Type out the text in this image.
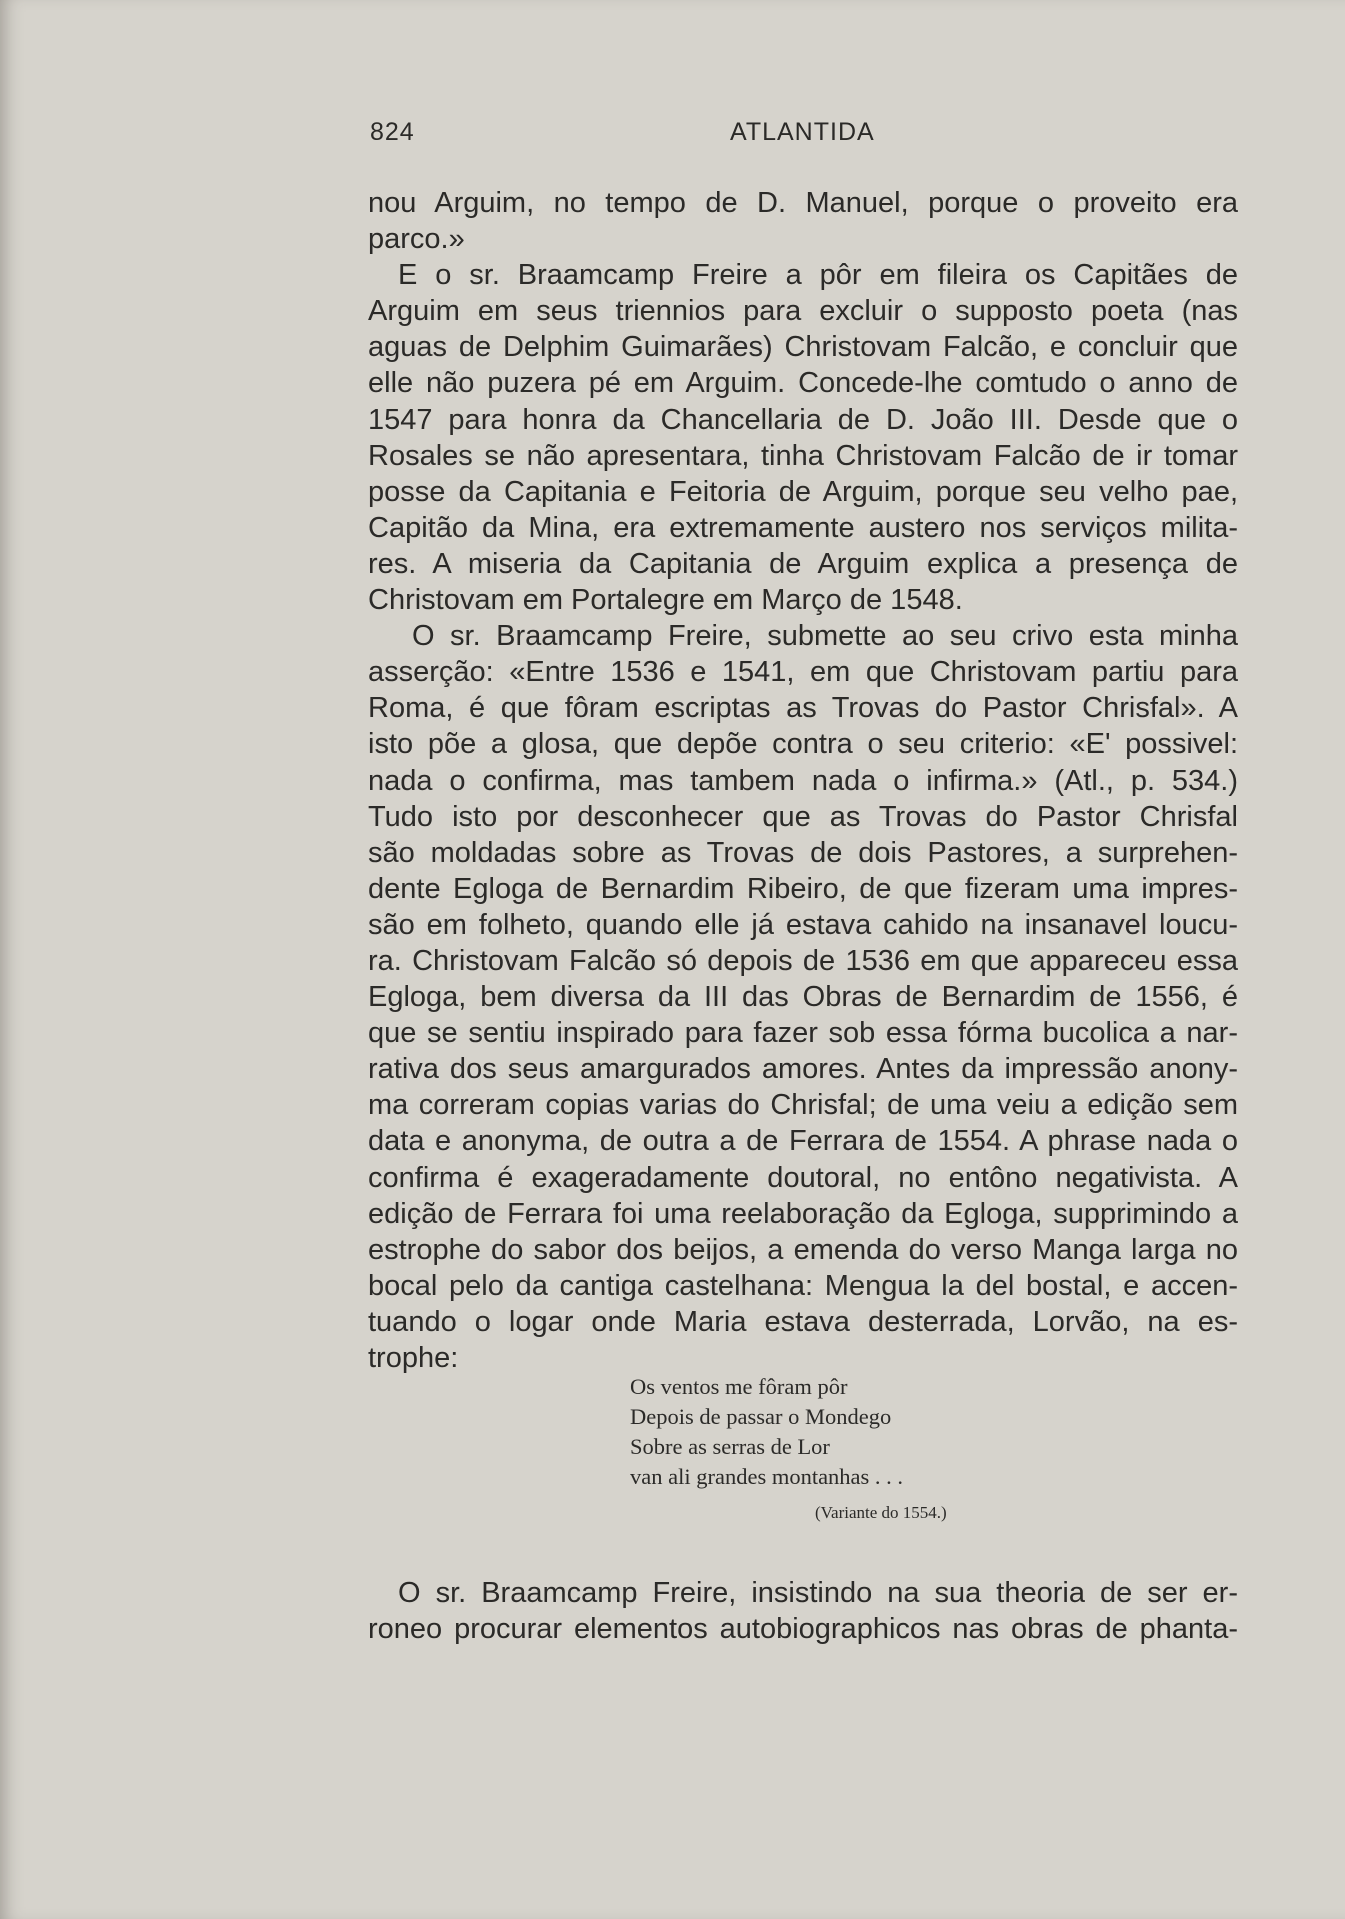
824	ATLANTIDA
nou Arguim, no tempo de D. Manuel, porque o proveito era
parco.»
E o sr. Braamcamp Freire a pôr em fileira os Capitães de
Arguim em seus triennios para excluir o supposto poeta (nas
aguas de Delphim Guimarães) Christovam Falcão, e concluir que
elle não puzera pé em Arguim. Concede-lhe comtudo o anno de
1547 para honra da Chancellaria de D. João III. Desde que o
Rosales se não apresentara, tinha Christovam Falcão de ir tomar
posse da Capitania e Feitoria de Arguim, porque seu velho pae,
Capitão da Mina, era extremamente austero nos serviços milita-
res. A miseria da Capitania de Arguim explica a presença de
Christovam em Portalegre em Março de 1548.
O sr. Braamcamp Freire, submette ao seu crivo esta minha
asserção: «Entre 1536 e 1541, em que Christovam partiu para
Roma, é que fôram escriptas as Trovas do Pastor Chrisfal». A
isto põe a glosa, que depõe contra o seu criterio: «E' possivel:
nada o confirma, mas tambem nada o infirma.» (Atl., p. 534.)
Tudo isto por desconhecer que as Trovas do Pastor Chrisfal
são moldadas sobre as Trovas de dois Pastores, a surprehen-
dente Egloga de Bernardim Ribeiro, de que fizeram uma impres-
são em folheto, quando elle já estava cahido na insanavel loucu-
ra. Christovam Falcão só depois de 1536 em que appareceu essa
Egloga, bem diversa da III das Obras de Bernardim de 1556, é
que se sentiu inspirado para fazer sob essa fórma bucolica a nar-
rativa dos seus amargurados amores. Antes da impressão anony-
ma correram copias varias do Chrisfal; de uma veiu a edição sem
data e anonyma, de outra a de Ferrara de 1554. A phrase nada o
confirma é exageradamente doutoral, no entôno negativista. A
edição de Ferrara foi uma reelaboração da Egloga, supprimindo a
estrophe do sabor dos beijos, a emenda do verso Manga larga no
bocal pelo da cantiga castelhana: Mengua la del bostal, e accen-
tuando o logar onde Maria estava desterrada, Lorvão, na es-
trophe:
Os ventos me fôram pôr
Depois de passar o Mondego
Sobre as serras de Lor
van ali grandes montanhas . . .
(Variante do 1554.)
O sr. Braamcamp Freire, insistindo na sua theoria de ser er-
roneo procurar elementos autobiographicos nas obras de phanta-
